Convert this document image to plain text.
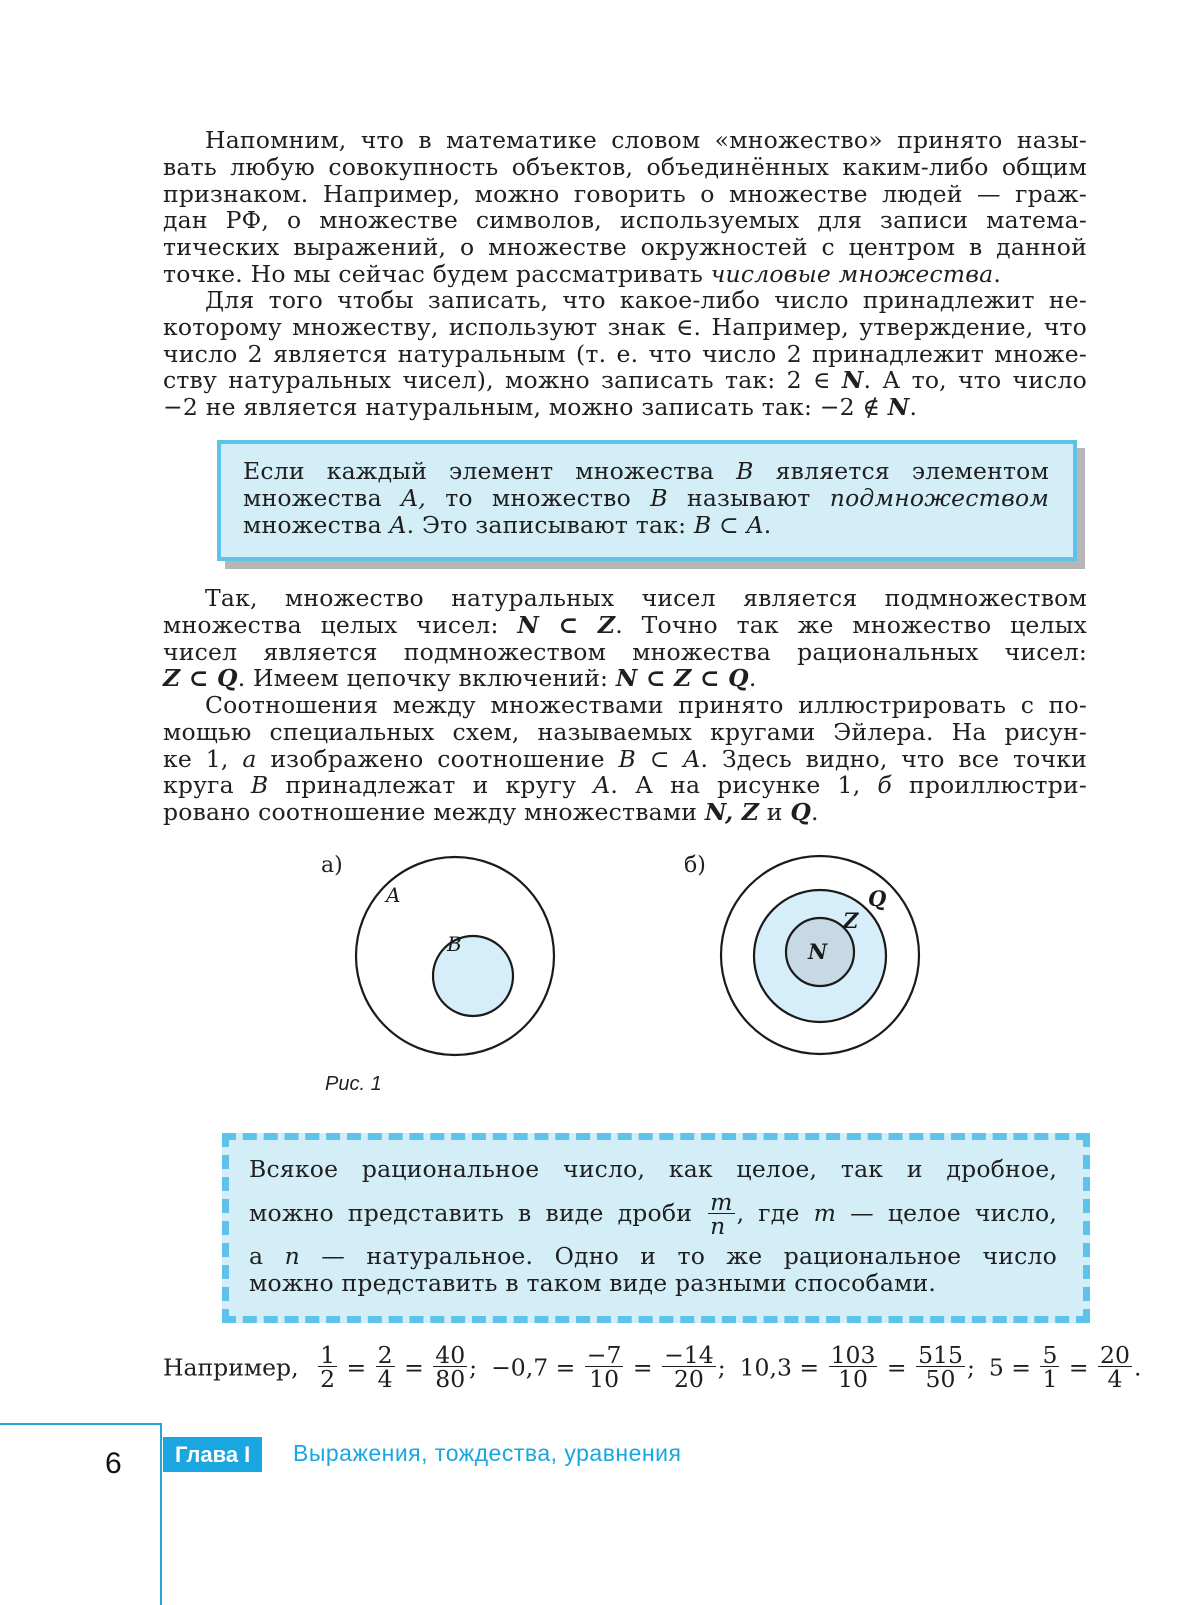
Напомним, что в математике словом «множество» принято назы-
вать любую совокупность объектов, объединённых каким-либо общим
признаком. Например, можно говорить о множестве людей — граж-
дан РФ, о множестве символов, используемых для записи матема-
тических выражений, о множестве окружностей с центром в данной
точке. Но мы сейчас будем рассматривать числовые множества.
Для того чтобы записать, что какое-либо число принадлежит не-
которому множеству, используют знак ∈. Например, утверждение, что
число 2 является натуральным (т. е. что число 2 принадлежит множе-
ству натуральных чисел), можно записать так: 2 ∈ N. А то, что число
−2 не является натуральным, можно записать так: −2 ∉ N.
Если каждый элемент множества B является элементом
множества A, то множество B называют подмножеством
множества A. Это записывают так: B ⊂ A.
Так, множество натуральных чисел является подмножеством
множества целых чисел: N ⊂ Z. Точно так же множество целых
чисел является подмножеством множества рациональных чисел:
Z ⊂ Q. Имеем цепочку включений: N ⊂ Z ⊂ Q.
Соотношения между множествами принято иллюстрировать с по-
мощью специальных схем, называемых кругами Эйлера. На рисун-
ке 1, а изображено соотношение B ⊂ A. Здесь видно, что все точки
круга B принадлежат и кругу A. А на рисунке 1, б проиллюстри-
ровано соотношение между множествами N, Z и Q.
а)	б)
A
B
Q
Z
N
Рис. 1
Всякое рациональное число, как целое, так и дробное,
можно представить в виде дроби $\frac{m}{n}$ , где m — целое число,
а n — натуральное. Одно и то же рациональное число
можно представить в таком виде разными способами.
Например, $\frac{1}{2} = \frac{2}{4} = \frac{40}{80}$ ; $-0,7 = \frac{-7}{10} = \frac{-14}{20}$ ; $10,3 = \frac{103}{10} = \frac{515}{50}$ ; $5 = \frac{5}{1} = \frac{20}{4}$ .
6	Глава I	Выражения, тождества, уравнения
